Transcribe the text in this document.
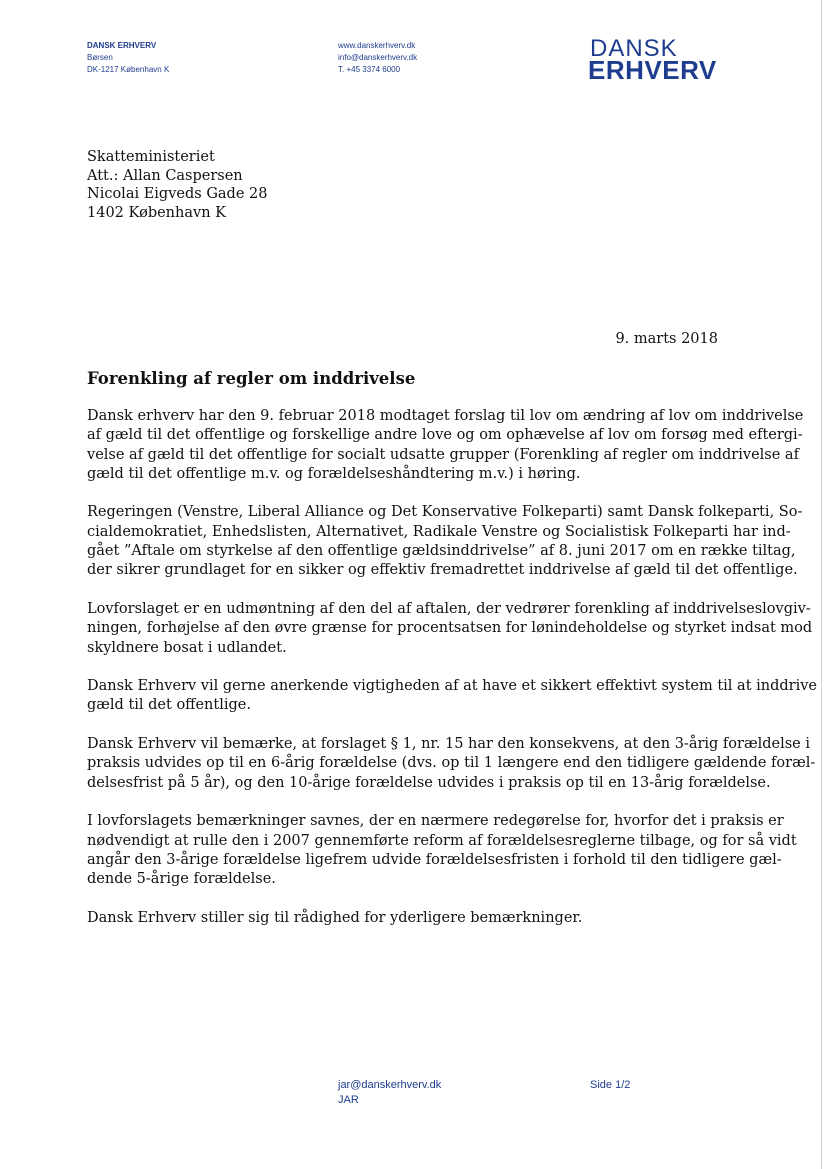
DANSK ERHVERV
Børsen
DK-1217 København K
www.danskerhverv.dk
info@danskerhverv.dk
T. +45 3374 6000
DANSK
ERHVERV
Skatteministeriet
Att.: Allan Caspersen
Nicolai Eigveds Gade 28
1402 København K
9. marts 2018
Forenkling af regler om inddrivelse
Dansk erhverv har den 9. februar 2018 modtaget forslag til lov om ændring af lov om inddrivelse
af gæld til det offentlige og forskellige andre love og om ophævelse af lov om forsøg med eftergi-
velse af gæld til det offentlige for socialt udsatte grupper (Forenkling af regler om inddrivelse af
gæld til det offentlige m.v. og forældelseshåndtering m.v.) i høring.
Regeringen (Venstre, Liberal Alliance og Det Konservative Folkeparti) samt Dansk folkeparti, So-
cialdemokratiet, Enhedslisten, Alternativet, Radikale Venstre og Socialistisk Folkeparti har ind-
gået ”Aftale om styrkelse af den offentlige gældsinddrivelse” af 8. juni 2017 om en række tiltag,
der sikrer grundlaget for en sikker og effektiv fremadrettet inddrivelse af gæld til det offentlige.
Lovforslaget er en udmøntning af den del af aftalen, der vedrører forenkling af inddrivelseslovgiv-
ningen, forhøjelse af den øvre grænse for procentsatsen for lønindeholdelse og styrket indsat mod
skyldnere bosat i udlandet.
Dansk Erhverv vil gerne anerkende vigtigheden af at have et sikkert effektivt system til at inddrive
gæld til det offentlige.
Dansk Erhverv vil bemærke, at forslaget § 1, nr. 15 har den konsekvens, at den 3-årig forældelse i
praksis udvides op til en 6-årig forældelse (dvs. op til 1 længere end den tidligere gældende foræl-
delsesfrist på 5 år), og den 10-årige forældelse udvides i praksis op til en 13-årig forældelse.
I lovforslagets bemærkninger savnes, der en nærmere redegørelse for, hvorfor det i praksis er
nødvendigt at rulle den i 2007 gennemførte reform af forældelsesreglerne tilbage, og for så vidt
angår den 3-årige forældelse ligefrem udvide forældelsesfristen i forhold til den tidligere gæl-
dende 5-årige forældelse.
Dansk Erhverv stiller sig til rådighed for yderligere bemærkninger.
jar@danskerhverv.dk
JAR
Side 1/2
